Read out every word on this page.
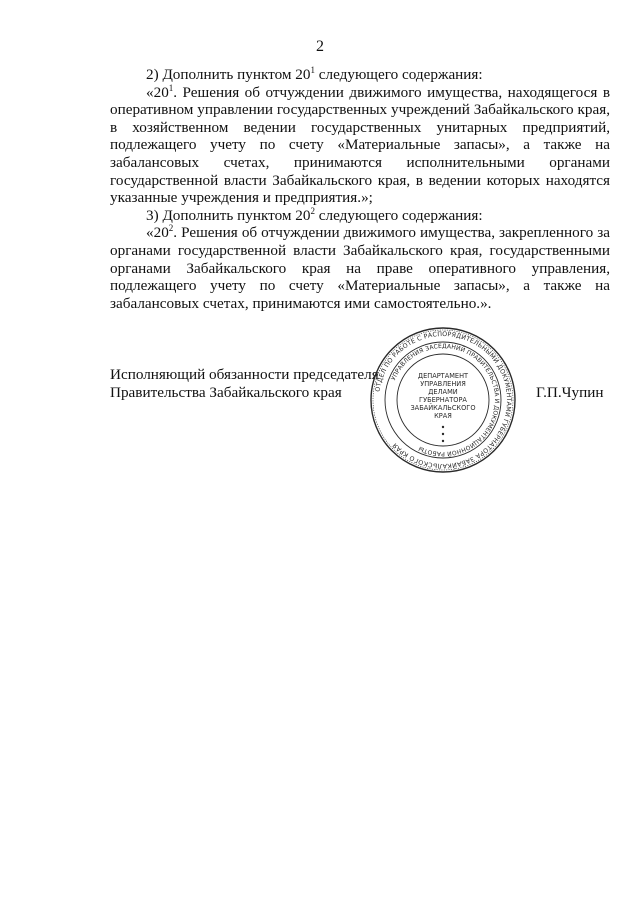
2

2) Дополнить пунктом $20^1$ следующего содержания:

«$20^1$. Решения об отчуждении движимого имущества, находящегося в оперативном управлении государственных учреждений Забайкальского края, в хозяйственном ведении государственных унитарных предприятий, подлежащего учету по счету «Материальные запасы», а также на забалансовых счетах, принимаются исполнительными органами государственной власти Забайкальского края, в ведении которых находятся указанные учреждения и предприятия.»;

3) Дополнить пунктом $20^2$ следующего содержания:

«$20^2$. Решения об отчуждении движимого имущества, закрепленного за органами государственной власти Забайкальского края, государственными органами Забайкальского края на праве оперативного управления, подлежащего учету по счету «Материальные запасы», а также на забалансовых счетах, принимаются ими самостоятельно.».

Исполняющий обязанности председателя
Правительства Забайкальского края	Г.П.Чупин
ОТДЕЛ ПО РАБОТЕ С РАСПОРЯДИТЕЛЬНЫМИ ДОКУМЕНТАМИ ГУБЕРНАТОРА ЗАБАЙКАЛЬСКОГО КРАЯ
УПРАВЛЕНИЯ ЗАСЕДАНИЙ ПРАВИТЕЛЬСТВА И ДОКУМЕНТАЦИОННОЙ РАБОТЫ
ДЕПАРТАМЕНТ
УПРАВЛЕНИЯ
ДЕЛАМИ
ГУБЕРНАТОРА
ЗАБАЙКАЛЬСКОГО
КРАЯ
